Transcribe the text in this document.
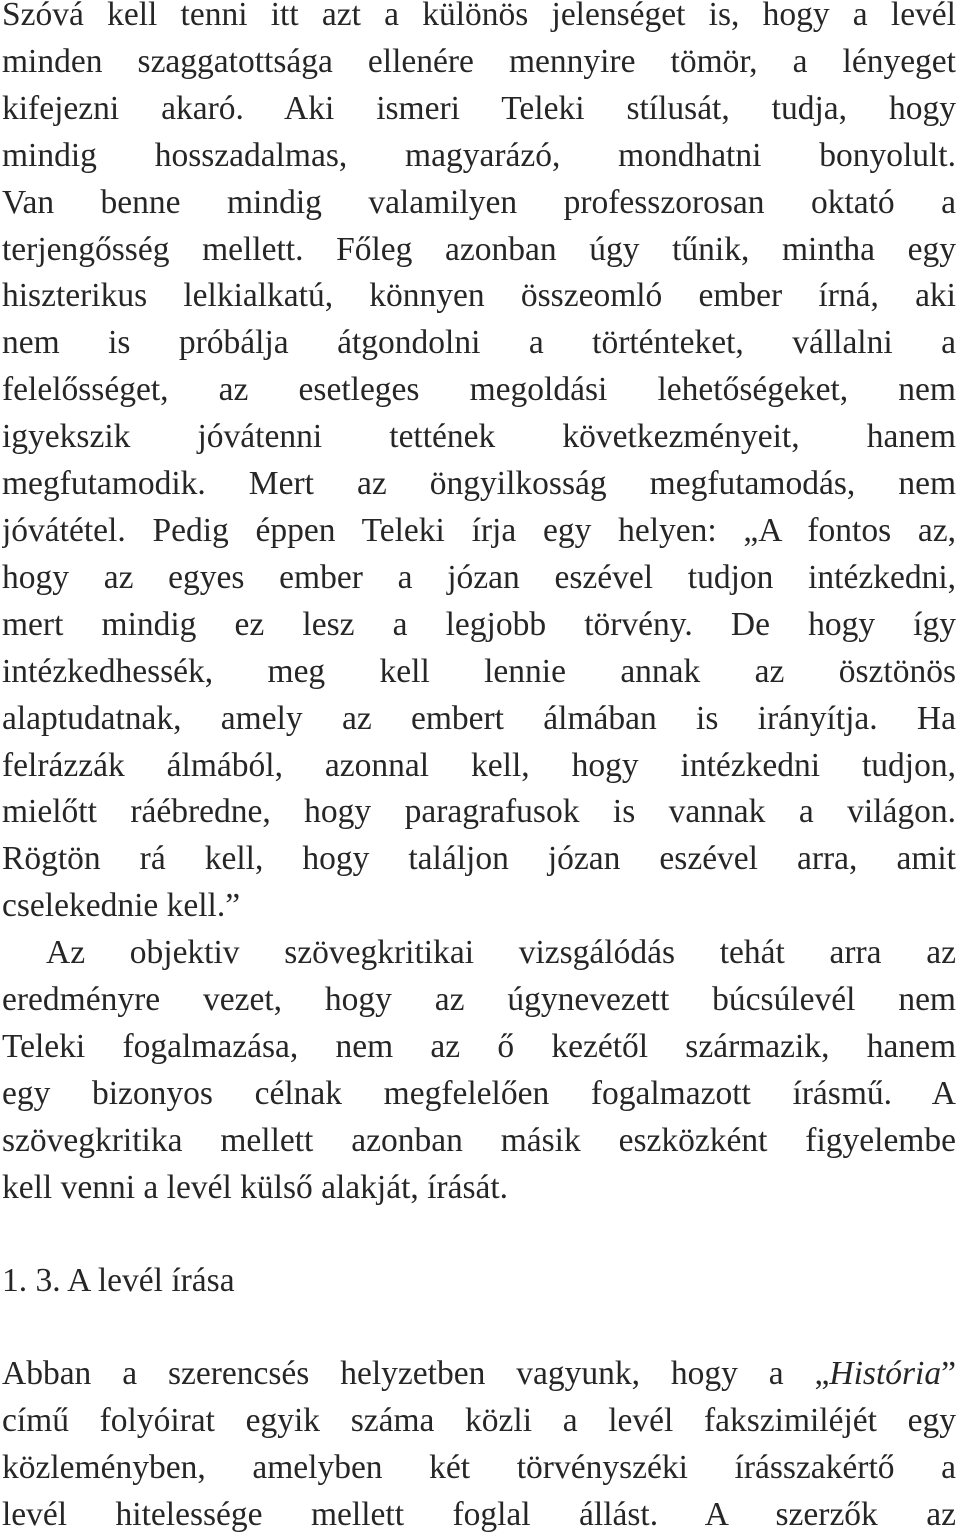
Szóvá kell tenni itt azt a különös jelenséget is, hogy a levél
minden szaggatottsága ellenére mennyire tömör, a lényeget
kifejezni akaró. Aki ismeri Teleki stílusát, tudja, hogy
mindig hosszadalmas, magyarázó, mondhatni bonyolult.
Van benne mindig valamilyen professzorosan oktató a
terjengősség mellett. Főleg azonban úgy tűnik, mintha egy
hiszterikus lelkialkatú, könnyen összeomló ember írná, aki
nem is próbálja átgondolni a történteket, vállalni a
felelősséget, az esetleges megoldási lehetőségeket, nem
igyekszik jóvátenni tettének következményeit, hanem
megfutamodik. Mert az öngyilkosság megfutamodás, nem
jóvátétel. Pedig éppen Teleki írja egy helyen: „A fontos az,
hogy az egyes ember a józan eszével tudjon intézkedni,
mert mindig ez lesz a legjobb törvény. De hogy így
intézkedhessék, meg kell lennie annak az ösztönös
alaptudatnak, amely az embert álmában is irányítja. Ha
felrázzák álmából, azonnal kell, hogy intézkedni tudjon,
mielőtt ráébredne, hogy paragrafusok is vannak a világon.
Rögtön rá kell, hogy találjon józan eszével arra, amit
cselekednie kell.”
Az objektiv szövegkritikai vizsgálódás tehát arra az
eredményre vezet, hogy az úgynevezett búcsúlevél nem
Teleki fogalmazása, nem az ő kezétől származik, hanem
egy bizonyos célnak megfelelően fogalmazott írásmű. A
szövegkritika mellett azonban másik eszközként figyelembe
kell venni a levél külső alakját, írását.
1. 3. A levél írása
Abban a szerencsés helyzetben vagyunk, hogy a „História”
című folyóirat egyik száma közli a levél fakszimiléjét egy
közleményben, amelyben két törvényszéki írásszakértő a
levél hitelessége mellett foglal állást. A szerzők az
